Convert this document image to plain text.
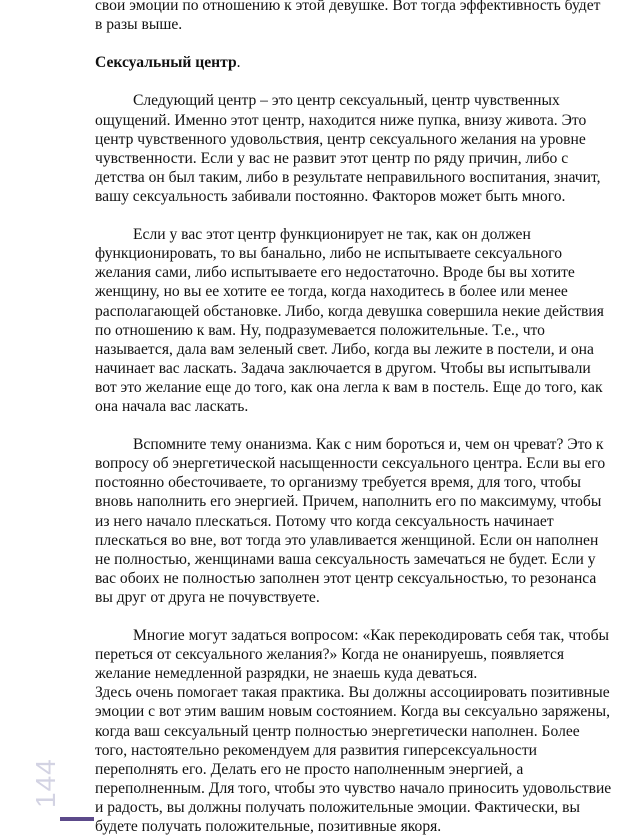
свои эмоции по отношению к этой девушке. Вот тогда эффективность будет

в разы выше.

Сексуальный центр.

Следующий центр – это центр сексуальный, центр чувственных

ощущений. Именно этот центр, находится ниже пупка, внизу живота. Это

центр чувственного удовольствия, центр сексуального желания на уровне

чувственности. Если у вас не развит этот центр по ряду причин, либо с

детства он был таким, либо в результате неправильного воспитания, значит,

вашу сексуальность забивали постоянно. Факторов может быть много.

Если у вас этот центр функционирует не так, как он должен

функционировать, то вы банально, либо не испытываете сексуального

желания сами, либо испытываете его недостаточно. Вроде бы вы хотите

женщину, но вы ее хотите ее тогда, когда находитесь в более или менее

располагающей обстановке. Либо, когда девушка совершила некие действия

по отношению к вам. Ну, подразумевается положительные. Т.е., что

называется, дала вам зеленый свет. Либо, когда вы лежите в постели, и она

начинает вас ласкать. Задача заключается в другом. Чтобы вы испытывали

вот это желание еще до того, как она легла к вам в постель. Еще до того, как

она начала вас ласкать.

Вспомните тему онанизма. Как с ним бороться и, чем он чреват? Это к

вопросу об энергетической насыщенности сексуального центра. Если вы его

постоянно обесточиваете, то организму требуется время, для того, чтобы

вновь наполнить его энергией. Причем, наполнить его по максимуму, чтобы

из него начало плескаться. Потому что когда сексуальность начинает

плескаться во вне, вот тогда это улавливается женщиной. Если он наполнен

не полностью, женщинами ваша сексуальность замечаться не будет. Если у

вас обоих не полностью заполнен этот центр сексуальностью, то резонанса

вы друг от друга не почувствуете.

Многие могут задаться вопросом: «Как перекодировать себя так, чтобы

переться от сексуального желания?» Когда не онанируешь, появляется

желание немедленной разрядки, не знаешь куда деваться.

Здесь очень помогает такая практика. Вы должны ассоциировать позитивные

эмоции с вот этим вашим новым состоянием. Когда вы сексуально заряжены,

когда ваш сексуальный центр полностью энергетически наполнен. Более

того, настоятельно рекомендуем для развития гиперсексуальности

переполнять его. Делать его не просто наполненным энергией, а

переполненным. Для того, чтобы это чувство начало приносить удовольствие

и радость, вы должны получать положительные эмоции. Фактически, вы

будете получать положительные, позитивные якоря.

144
